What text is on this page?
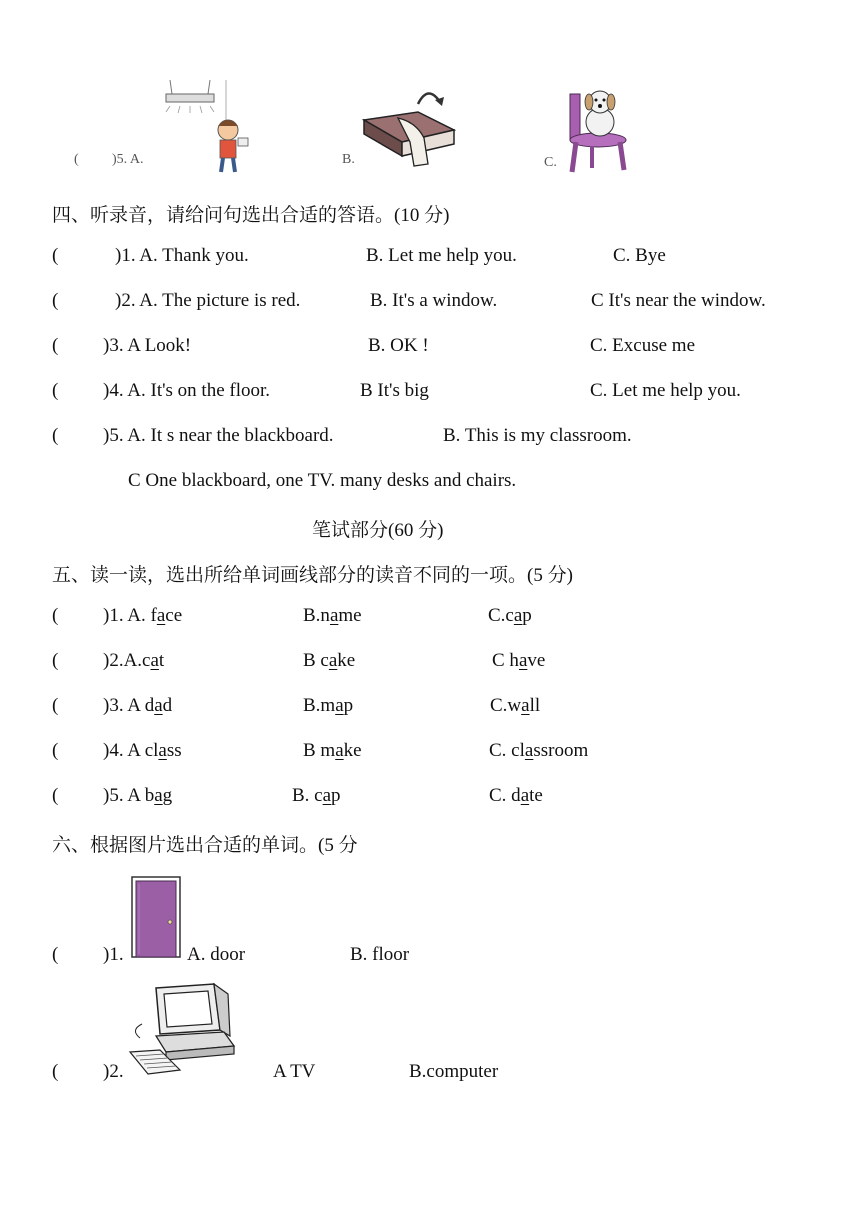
( )5. A.	B.	C.
四、听录音，请给问句选出合适的答语。(10 分)
(	)1. A. Thank you.	B. Let me help you.	C. Bye
(	)2. A. The picture is red.	B. It's a window.	C It's near the window.
( )3. A Look!	B. OK !	C. Excuse me
( )4. A. It's on the floor.	B It's big	C. Let me help you.
( )5. A. It s near the blackboard.	B. This is my classroom.
C One blackboard, one TV. many desks and chairs.
笔试部分(60 分)
五、读一读，选出所给单词画线部分的读音不同的一项。(5 分)
( )1. A. face	B.name	C.cap
( )2.A.cat	B cake	C have
( )3. A dad	B.map	C.wall
( )4. A class	B make	C. classroom
( )5. A bag	B. cap	C. date
六、根据图片选出合适的单词。(5 分
( )1.	A. door	B. floor
( )2.	A TV	B.computer
